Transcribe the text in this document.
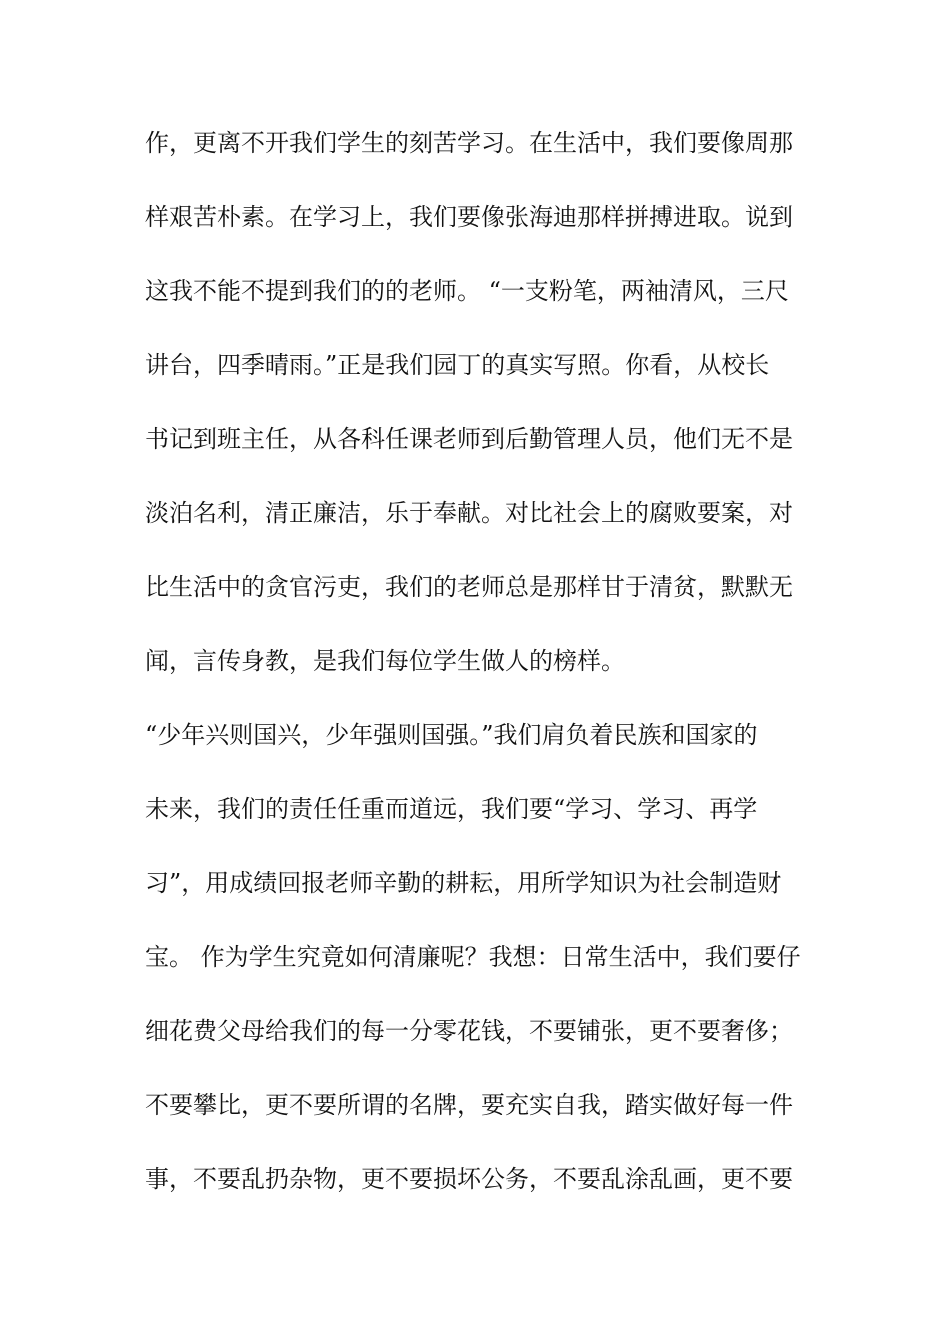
作，更离不开我们学生的刻苦学习。在生活中，我们要像周那
样艰苦朴素。在学习上，我们要像张海迪那样拼搏进取。说到
这我不能不提到我们的的老师。 “一支粉笔，两袖清风，三尺
讲台，四季晴雨。”正是我们园丁的真实写照。你看，从校长
书记到班主任，从各科任课老师到后勤管理人员，他们无不是
淡泊名利，清正廉洁，乐于奉献。对比社会上的腐败要案，对
比生活中的贪官污吏，我们的老师总是那样甘于清贫，默默无
闻，言传身教，是我们每位学生做人的榜样。
“少年兴则国兴，少年强则国强。”我们肩负着民族和国家的
未来，我们的责任任重而道远，我们要“学习、学习、再学
习”，用成绩回报老师辛勤的耕耘，用所学知识为社会制造财
宝。 作为学生究竟如何清廉呢？我想：日常生活中，我们要仔
细花费父母给我们的每一分零花钱，不要铺张，更不要奢侈；
不要攀比，更不要所谓的名牌，要充实自我，踏实做好每一件
事，不要乱扔杂物，更不要损坏公务，不要乱涂乱画，更不要
